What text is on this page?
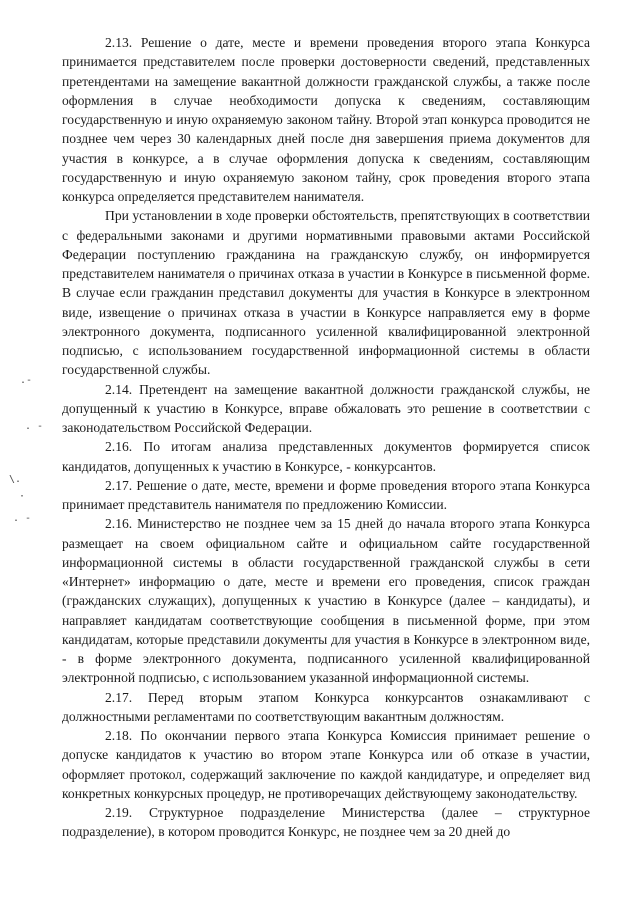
.-
. -
\.
·
. -

2.13. Решение о дате, месте и времени проведения второго этапа Конкурса принимается представителем после проверки достоверности сведений, представленных претендентами на замещение вакантной должности гражданской службы, а также после оформления в случае необходимости допуска к сведениям, составляющим государственную и иную охраняемую законом тайну. Второй этап конкурса проводится не позднее чем через 30 календарных дней после дня завершения приема документов для участия в конкурсе, а в случае оформления допуска к сведениям, составляющим государственную и иную охраняемую законом тайну, срок проведения второго этапа конкурса определяется представителем нанимателя.

При установлении в ходе проверки обстоятельств, препятствующих в соответствии с федеральными законами и другими нормативными правовыми актами Российской Федерации поступлению гражданина на гражданскую службу, он информируется представителем нанимателя о причинах отказа в участии в Конкурсе в письменной форме. В случае если гражданин представил документы для участия в Конкурсе в электронном виде, извещение о причинах отказа в участии в Конкурсе направляется ему в форме электронного документа, подписанного усиленной квалифицированной электронной подписью, с использованием государственной информационной системы в области государственной службы.

2.14. Претендент на замещение вакантной должности гражданской службы, не допущенный к участию в Конкурсе, вправе обжаловать это решение в соответствии с законодательством Российской Федерации.

2.16. По итогам анализа представленных документов формируется список кандидатов, допущенных к участию в Конкурсе, - конкурсантов.

2.17. Решение о дате, месте, времени и форме проведения второго этапа Конкурса принимает представитель нанимателя по предложению Комиссии.

2.16. Министерство не позднее чем за 15 дней до начала второго этапа Конкурса размещает на своем официальном сайте и официальном сайте государственной информационной системы в области государственной гражданской службы в сети «Интернет» информацию о дате, месте и времени его проведения, список граждан (гражданских служащих), допущенных к участию в Конкурсе (далее – кандидаты), и направляет кандидатам соответствующие сообщения в письменной форме, при этом кандидатам, которые представили документы для участия в Конкурсе в электронном виде, - в форме электронного документа, подписанного усиленной квалифицированной электронной подписью, с использованием указанной информационной системы.

2.17. Перед вторым этапом Конкурса конкурсантов ознакамливают с должностными регламентами по соответствующим вакантным должностям.

2.18. По окончании первого этапа Конкурса Комиссия принимает решение о допуске кандидатов к участию во втором этапе Конкурса или об отказе в участии, оформляет протокол, содержащий заключение по каждой кандидатуре, и определяет вид конкретных конкурсных процедур, не противоречащих действующему законодательству.

2.19. Структурное подразделение Министерства (далее – структурное подразделение), в котором проводится Конкурс, не позднее чем за 20 дней до
